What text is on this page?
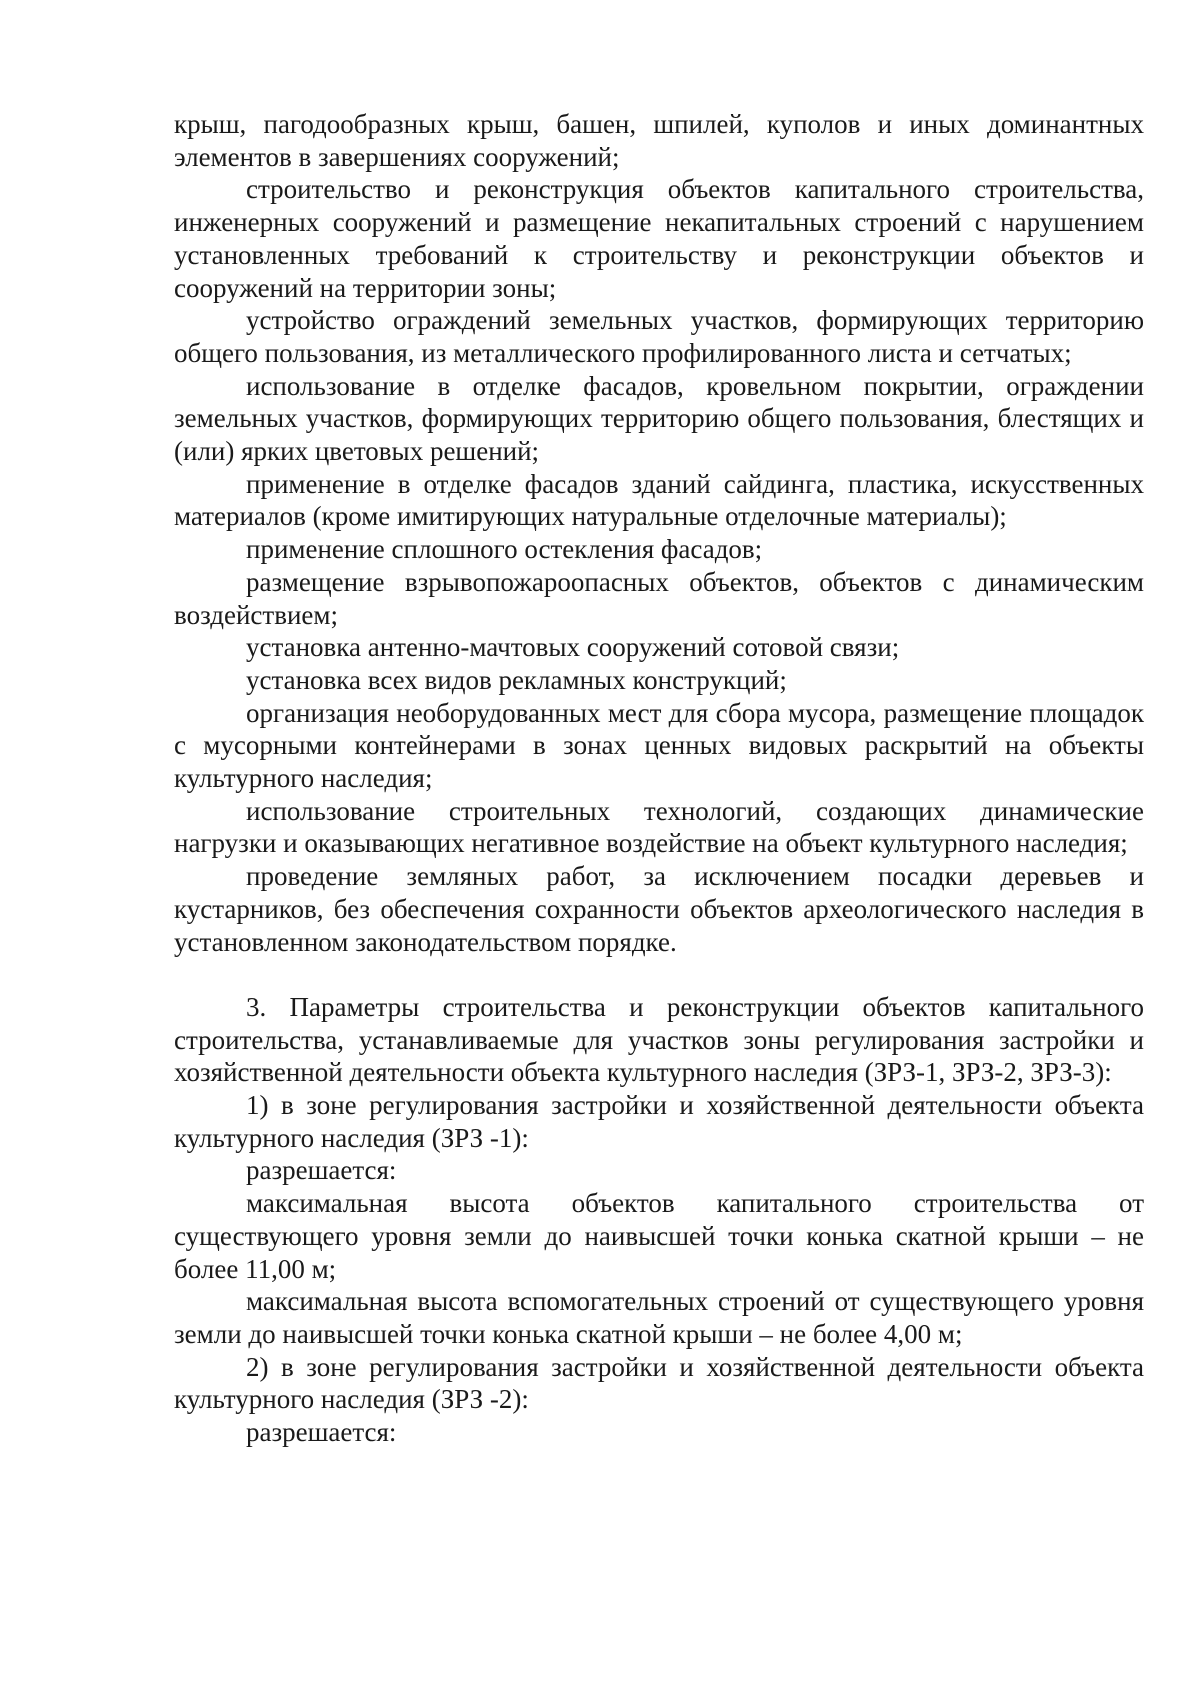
крыш, пагодообразных крыш, башен, шпилей, куполов и иных доминантных элементов в завершениях сооружений;

строительство и реконструкция объектов капитального строительства, инженерных сооружений и размещение некапитальных строений с нарушением установленных требований к строительству и реконструкции объектов и сооружений на территории зоны;

устройство ограждений земельных участков, формирующих территорию общего пользования, из металлического профилированного листа и сетчатых;

использование в отделке фасадов, кровельном покрытии, ограждении земельных участков, формирующих территорию общего пользования, блестящих и (или) ярких цветовых решений;

применение в отделке фасадов зданий сайдинга, пластика, искусственных материалов (кроме имитирующих натуральные отделочные материалы);

применение сплошного остекления фасадов;

размещение взрывопожароопасных объектов, объектов с динамическим воздействием;

установка антенно-мачтовых сооружений сотовой связи;

установка всех видов рекламных конструкций;

организация необорудованных мест для сбора мусора, размещение площадок с мусорными контейнерами в зонах ценных видовых раскрытий на объекты культурного наследия;

использование строительных технологий, создающих динамические нагрузки и оказывающих негативное воздействие на объект культурного наследия;

проведение земляных работ, за исключением посадки деревьев и кустарников, без обеспечения сохранности объектов археологического наследия в установленном законодательством порядке.

3. Параметры строительства и реконструкции объектов капитального строительства, устанавливаемые для участков зоны регулирования застройки и хозяйственной деятельности объекта культурного наследия (ЗРЗ-1, ЗРЗ-2, ЗРЗ-3):

1) в зоне регулирования застройки и хозяйственной деятельности объекта культурного наследия (ЗРЗ -1):

разрешается:

максимальная высота объектов капитального строительства от существующего уровня земли до наивысшей точки конька скатной крыши – не более 11,00 м;

максимальная высота вспомогательных строений от существующего уровня земли до наивысшей точки конька скатной крыши – не более 4,00 м;

2) в зоне регулирования застройки и хозяйственной деятельности объекта культурного наследия (ЗРЗ -2):

разрешается:
